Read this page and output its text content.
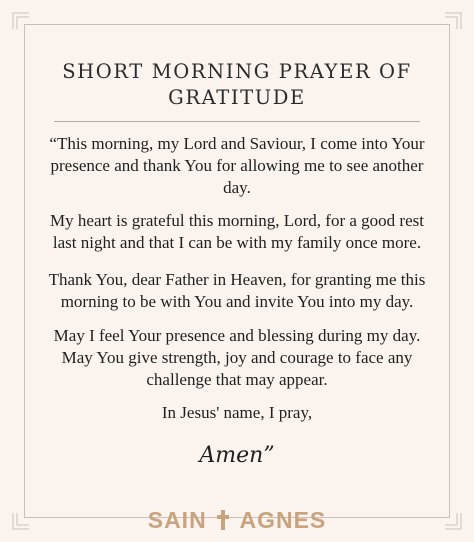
SHORT MORNING PRAYER OF
GRATITUDE

“This morning, my Lord and Saviour, I come into Your presence and thank You for allowing me to see another day.

My heart is grateful this morning, Lord, for a good rest last night and that I can be with my family once more.

Thank You, dear Father in Heaven, for granting me this morning to be with You and invite You into my day.

May I feel Your presence and blessing during my day. May You give strength, joy and courage to face any challenge that may appear.

In Jesus' name, I pray,

Amen”
SAIN AGNES
